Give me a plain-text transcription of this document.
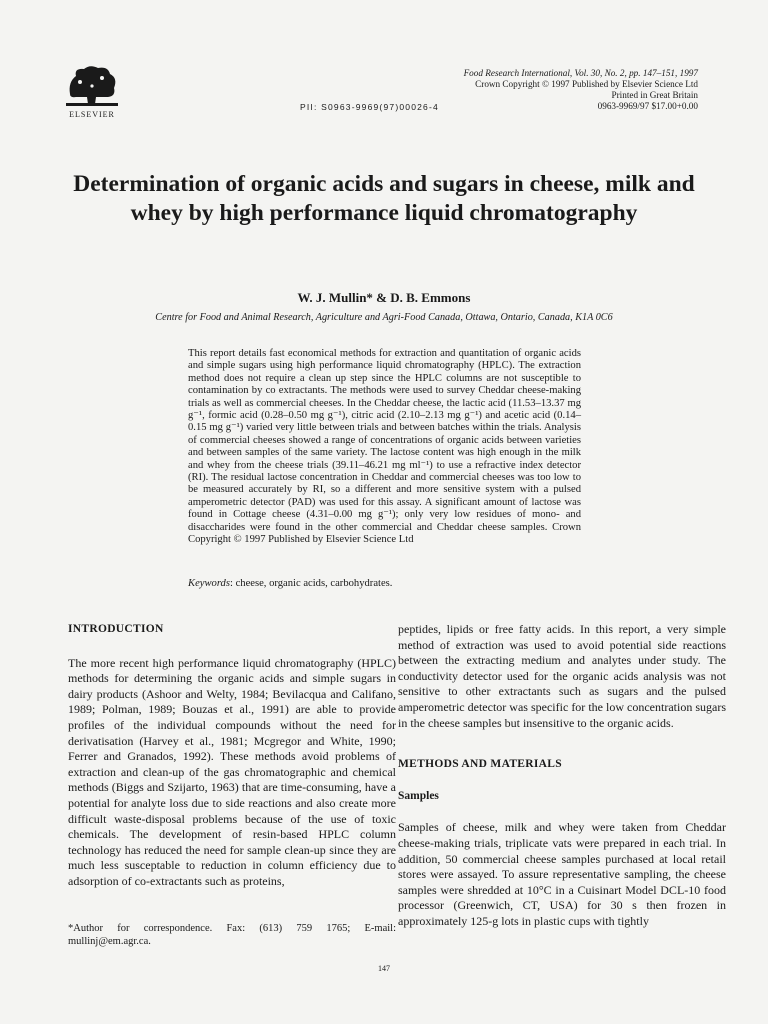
ELSEVIER
PII: S0963-9969(97)00026-4
Food Research International, Vol. 30, No. 2, pp. 147–151, 1997
Crown Copyright © 1997 Published by Elsevier Science Ltd
Printed in Great Britain
0963-9969/97 $17.00+0.00
Determination of organic acids and sugars in cheese, milk and whey by high performance liquid chromatography
W. J. Mullin* & D. B. Emmons
Centre for Food and Animal Research, Agriculture and Agri-Food Canada, Ottawa, Ontario, Canada, K1A 0C6
This report details fast economical methods for extraction and quantitation of organic acids and simple sugars using high performance liquid chromatography (HPLC). The extraction method does not require a clean up step since the HPLC columns are not susceptible to contamination by co extractants. The methods were used to survey Cheddar cheese-making trials as well as commercial cheeses. In the Cheddar cheese, the lactic acid (11.53–13.37 mg g⁻¹, formic acid (0.28–0.50 mg g⁻¹), citric acid (2.10–2.13 mg g⁻¹) and acetic acid (0.14–0.15 mg g⁻¹) varied very little between trials and between batches within the trials. Analysis of commercial cheeses showed a range of concentrations of organic acids between varieties and between samples of the same variety. The lactose content was high enough in the milk and whey from the cheese trials (39.11–46.21 mg ml⁻¹) to use a refractive index detector (RI). The residual lactose concentration in Cheddar and commercial cheeses was too low to be measured accurately by RI, so a different and more sensitive system with a pulsed amperometric detector (PAD) was used for this assay. A significant amount of lactose was found in Cottage cheese (4.31–0.00 mg g⁻¹); only very low residues of mono- and disaccharides were found in the other commercial and Cheddar cheese samples. Crown Copyright © 1997 Published by Elsevier Science Ltd
Keywords: cheese, organic acids, carbohydrates.
INTRODUCTION

The more recent high performance liquid chromatography (HPLC) methods for determining the organic acids and simple sugars in dairy products (Ashoor and Welty, 1984; Bevilacqua and Califano, 1989; Polman, 1989; Bouzas et al., 1991) are able to provide profiles of the individual compounds without the need for derivatisation (Harvey et al., 1981; Mcgregor and White, 1990; Ferrer and Granados, 1992). These methods avoid problems of extraction and clean-up of the gas chromatographic and chemical methods (Biggs and Szijarto, 1963) that are time-consuming, have a potential for analyte loss due to side reactions and also create more difficult waste-disposal problems because of the use of toxic chemicals. The development of resin-based HPLC column technology has reduced the need for sample clean-up since they are much less susceptable to reduction in column efficiency due to adsorption of co-extractants such as proteins,

peptides, lipids or free fatty acids. In this report, a very simple method of extraction was used to avoid potential side reactions between the extracting medium and analytes under study. The conductivity detector used for the organic acids analysis was not sensitive to other extractants such as sugars and the pulsed amperometric detector was specific for the low concentration sugars in the cheese samples but insensitive to the organic acids.

METHODS AND MATERIALS
Samples

Samples of cheese, milk and whey were taken from Cheddar cheese-making trials, triplicate vats were prepared in each trial. In addition, 50 commercial cheese samples purchased at local retail stores were assayed. To assure representative sampling, the cheese samples were shredded at 10°C in a Cuisinart Model DCL-10 food processor (Greenwich, CT, USA) for 30 s then frozen in approximately 125-g lots in plastic cups with tightly

*Author for correspondence. Fax: (613) 759 1765; E-mail: mullinj@em.agr.ca.
147
